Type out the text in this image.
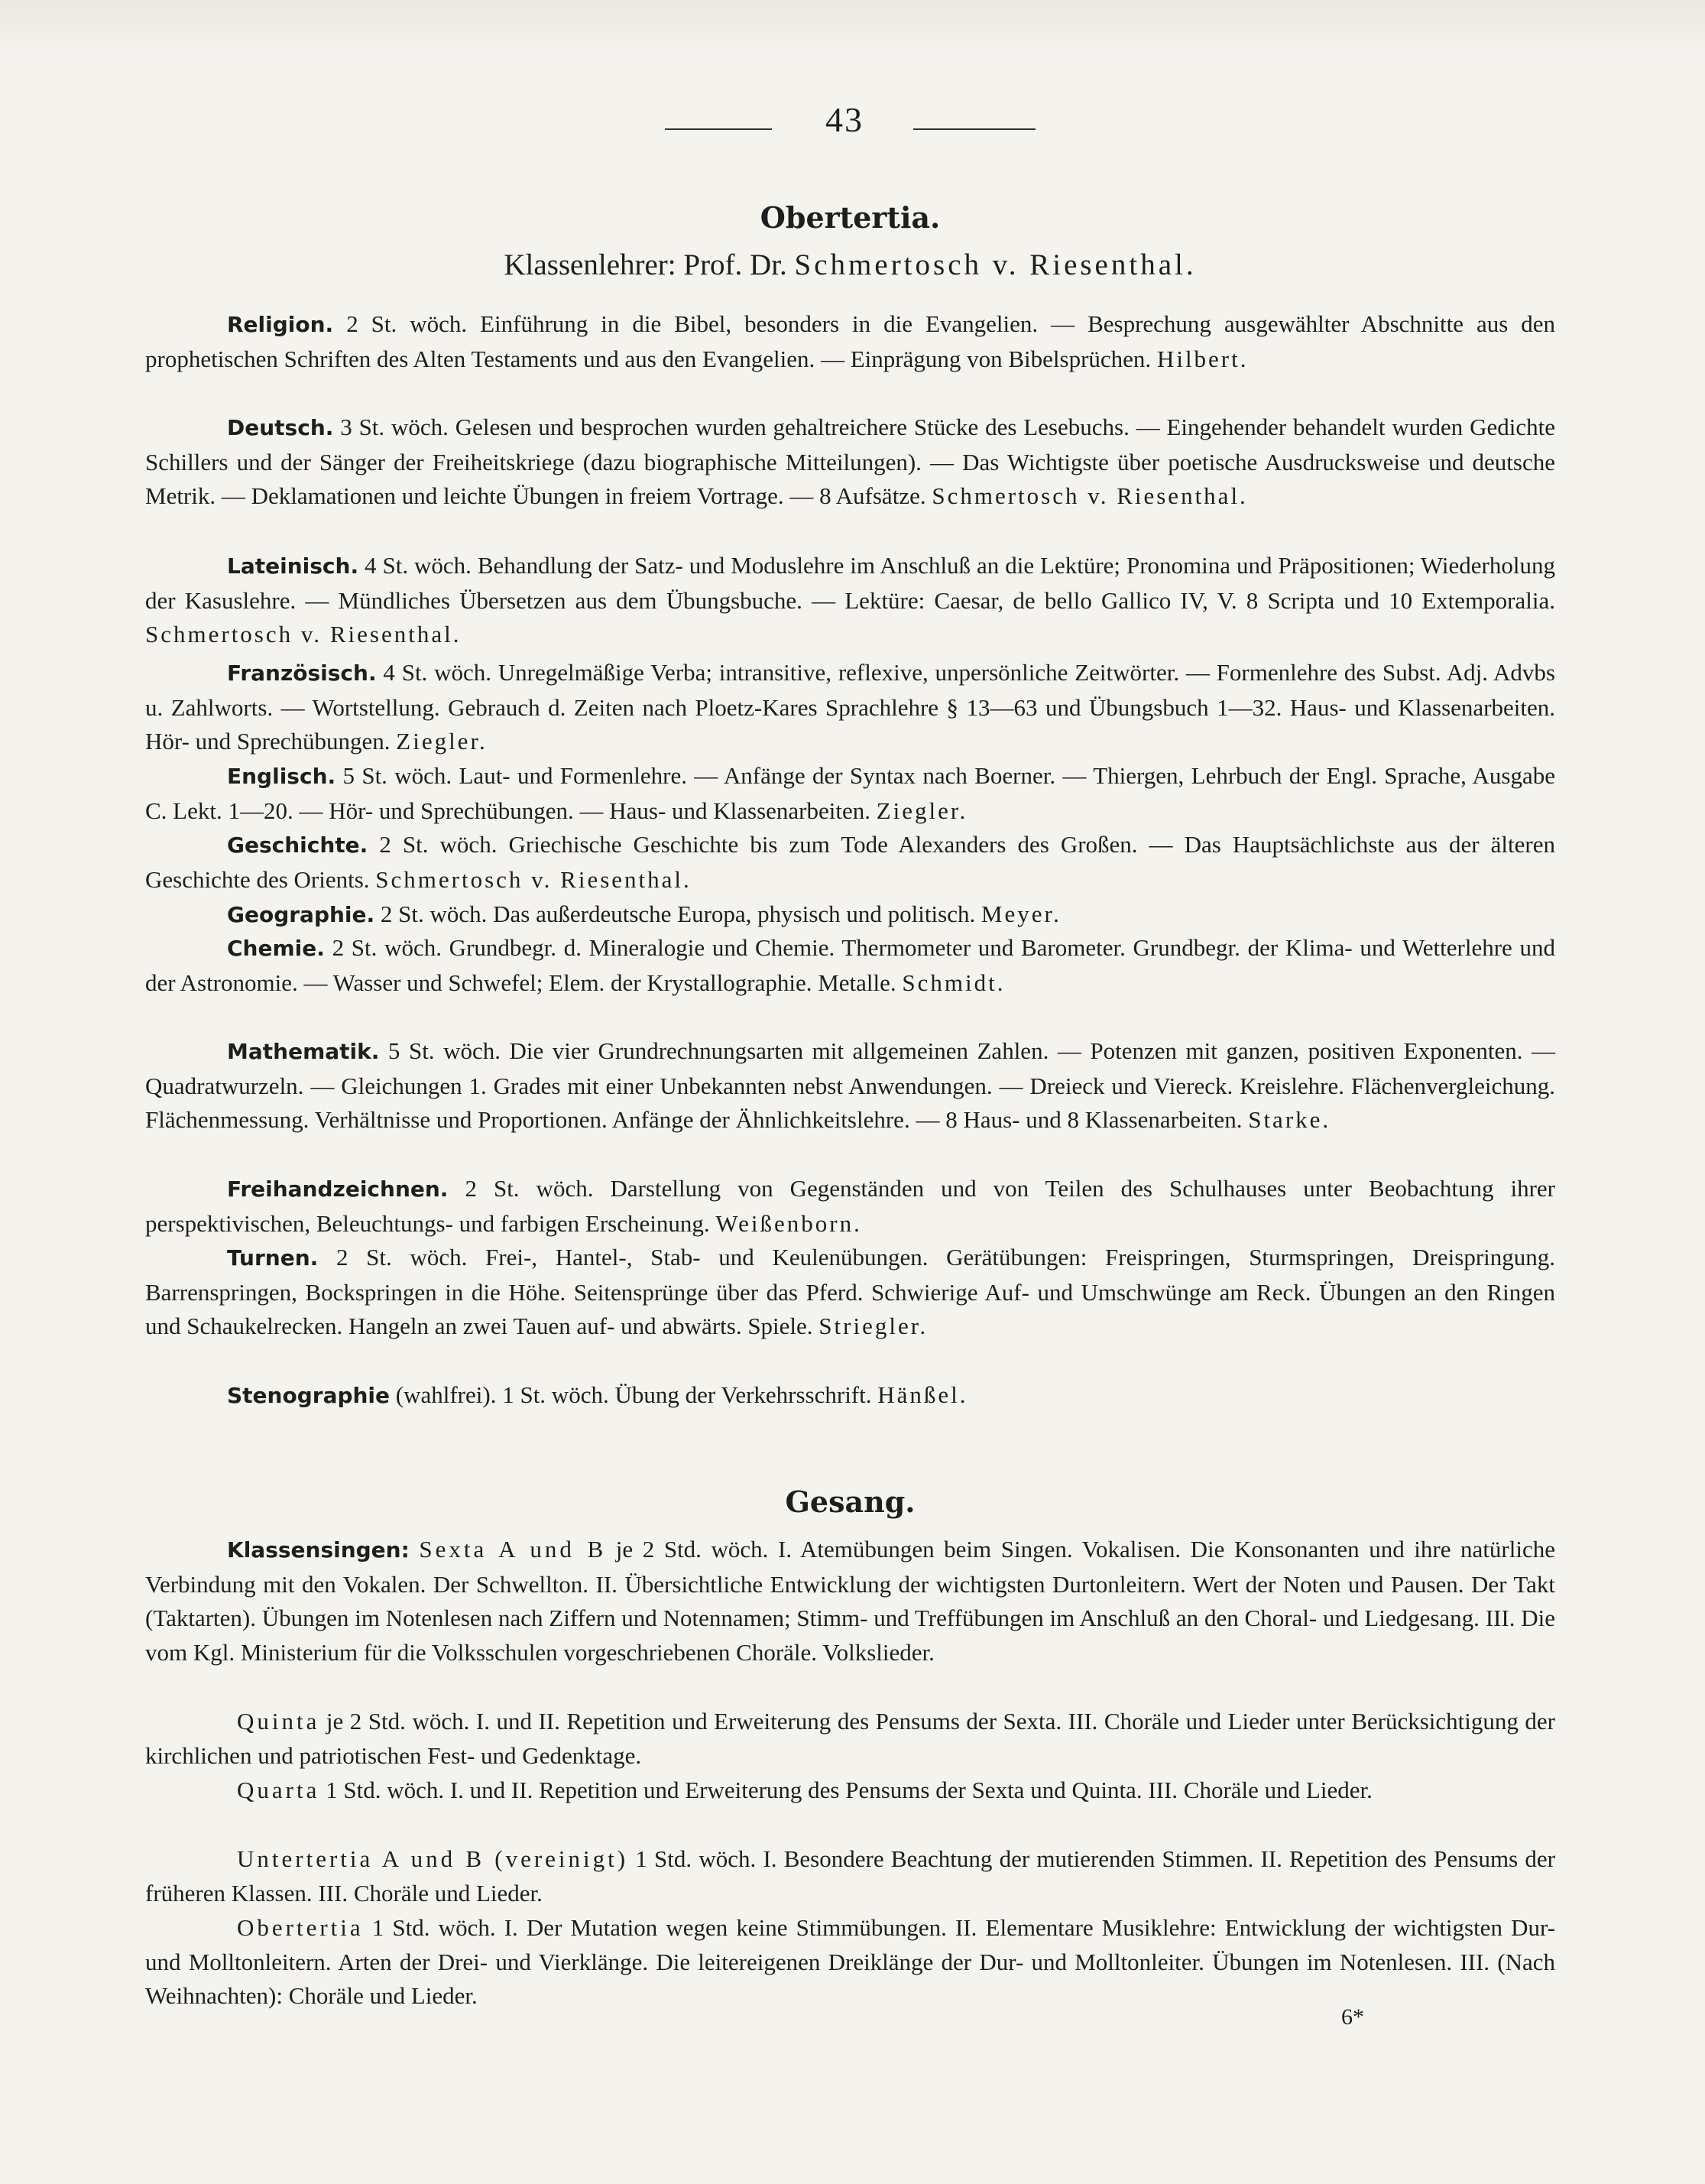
43
Obertertia.
Klassenlehrer: Prof. Dr. Schmertosch v. Riesenthal.
Religion. 2 St. wöch. Einführung in die Bibel, besonders in die Evangelien. — Besprechung ausgewählter Abschnitte aus den prophetischen Schriften des Alten Testaments und aus den Evangelien. — Einprägung von Bibelsprüchen. Hilbert.
Deutsch. 3 St. wöch. Gelesen und besprochen wurden gehaltreichere Stücke des Lesebuchs. — Eingehender behandelt wurden Gedichte Schillers und der Sänger der Freiheitskriege (dazu biographische Mitteilungen). — Das Wichtigste über poetische Ausdrucksweise und deutsche Metrik. — Deklamationen und leichte Übungen in freiem Vortrage. — 8 Aufsätze. Schmertosch v. Riesenthal.
Lateinisch. 4 St. wöch. Behandlung der Satz- und Moduslehre im Anschluß an die Lektüre; Pronomina und Präpositionen; Wiederholung der Kasuslehre. — Mündliches Übersetzen aus dem Übungsbuche. — Lektüre: Caesar, de bello Gallico IV, V. 8 Scripta und 10 Extemporalia. Schmertosch v. Riesenthal.
Französisch. 4 St. wöch. Unregelmäßige Verba; intransitive, reflexive, unpersönliche Zeitwörter. — Formenlehre des Subst. Adj. Advbs u. Zahlworts. — Wortstellung. Gebrauch d. Zeiten nach Ploetz-Kares Sprachlehre § 13—63 und Übungsbuch 1—32. Haus- und Klassenarbeiten. Hör- und Sprechübungen. Ziegler.
Englisch. 5 St. wöch. Laut- und Formenlehre. — Anfänge der Syntax nach Boerner. — Thiergen, Lehrbuch der Engl. Sprache, Ausgabe C. Lekt. 1—20. — Hör- und Sprechübungen. — Haus- und Klassenarbeiten. Ziegler.
Geschichte. 2 St. wöch. Griechische Geschichte bis zum Tode Alexanders des Großen. — Das Hauptsächlichste aus der älteren Geschichte des Orients. Schmertosch v. Riesenthal.
Geographie. 2 St. wöch. Das außerdeutsche Europa, physisch und politisch. Meyer.
Chemie. 2 St. wöch. Grundbegr. d. Mineralogie und Chemie. Thermometer und Barometer. Grundbegr. der Klima- und Wetterlehre und der Astronomie. — Wasser und Schwefel; Elem. der Krystallographie. Metalle. Schmidt.
Mathematik. 5 St. wöch. Die vier Grundrechnungsarten mit allgemeinen Zahlen. — Potenzen mit ganzen, positiven Exponenten. — Quadratwurzeln. — Gleichungen 1. Grades mit einer Unbekannten nebst Anwendungen. — Dreieck und Viereck. Kreislehre. Flächenvergleichung. Flächenmessung. Verhältnisse und Proportionen. Anfänge der Ähnlichkeitslehre. — 8 Haus- und 8 Klassenarbeiten. Starke.
Freihandzeichnen. 2 St. wöch. Darstellung von Gegenständen und von Teilen des Schulhauses unter Beobachtung ihrer perspektivischen, Beleuchtungs- und farbigen Erscheinung. Weißenborn.
Turnen. 2 St. wöch. Frei-, Hantel-, Stab- und Keulenübungen. Gerätübungen: Freispringen, Sturmspringen, Dreispringung. Barrenspringen, Bockspringen in die Höhe. Seitensprünge über das Pferd. Schwierige Auf- und Umschwünge am Reck. Übungen an den Ringen und Schaukelrecken. Hangeln an zwei Tauen auf- und abwärts. Spiele. Striegler.
Stenographie (wahlfrei). 1 St. wöch. Übung der Verkehrsschrift. Hänßel.
Gesang.
Klassensingen: Sexta A und B je 2 Std. wöch. I. Atemübungen beim Singen. Vokalisen. Die Konsonanten und ihre natürliche Verbindung mit den Vokalen. Der Schwellton. II. Übersichtliche Entwicklung der wichtigsten Durtonleitern. Wert der Noten und Pausen. Der Takt (Taktarten). Übungen im Notenlesen nach Ziffern und Notennamen; Stimm- und Treffübungen im Anschluß an den Choral- und Liedgesang. III. Die vom Kgl. Ministerium für die Volksschulen vorgeschriebenen Choräle. Volkslieder.
Quinta je 2 Std. wöch. I. und II. Repetition und Erweiterung des Pensums der Sexta. III. Choräle und Lieder unter Berücksichtigung der kirchlichen und patriotischen Fest- und Gedenktage.
Quarta 1 Std. wöch. I. und II. Repetition und Erweiterung des Pensums der Sexta und Quinta. III. Choräle und Lieder.
Untertertia A und B (vereinigt) 1 Std. wöch. I. Besondere Beachtung der mutierenden Stimmen. II. Repetition des Pensums der früheren Klassen. III. Choräle und Lieder.
Obertertia 1 Std. wöch. I. Der Mutation wegen keine Stimmübungen. II. Elementare Musiklehre: Entwicklung der wichtigsten Dur- und Molltonleitern. Arten der Drei- und Vierklänge. Die leitereigenen Dreiklänge der Dur- und Molltonleiter. Übungen im Notenlesen. III. (Nach Weihnachten): Choräle und Lieder.
6*
